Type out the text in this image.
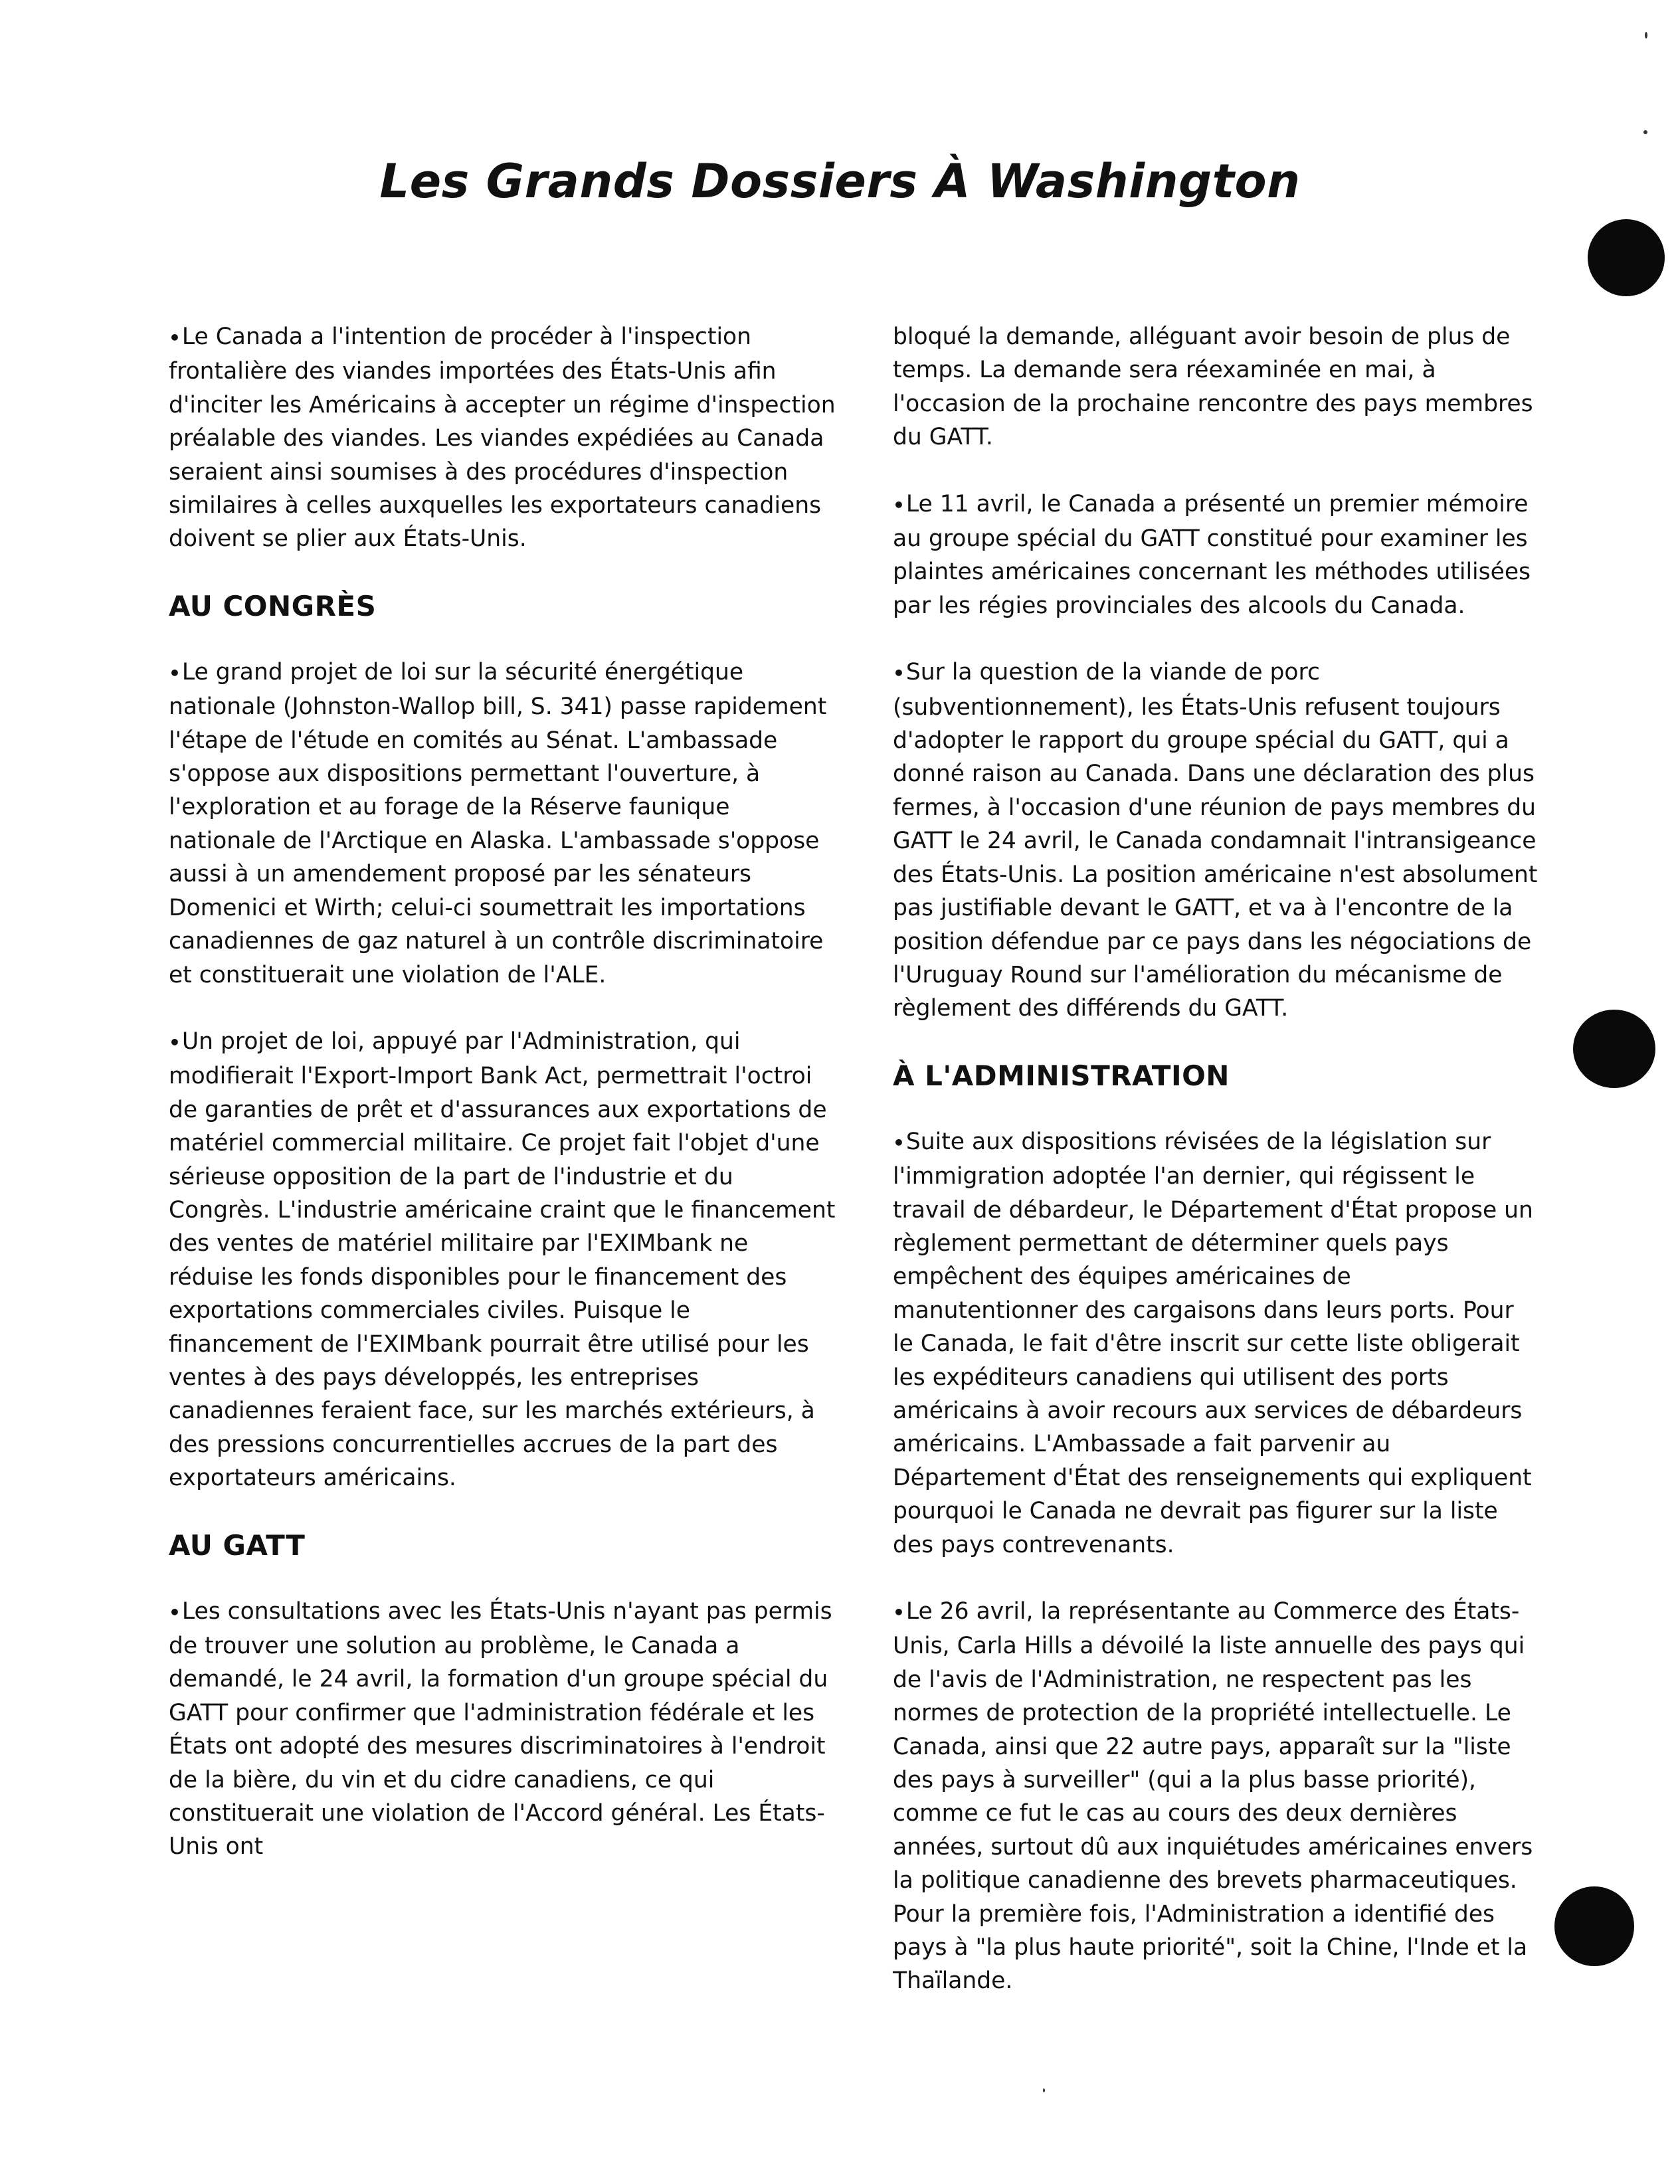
Les Grands Dossiers À Washington

•Le Canada a l'intention de procéder à l'inspection frontalière des viandes importées des États-Unis afin d'inciter les Américains à accepter un régime d'inspection préalable des viandes. Les viandes expédiées au Canada seraient ainsi soumises à des procédures d'inspection similaires à celles auxquelles les exportateurs canadiens doivent se plier aux États-Unis.

AU CONGRÈS

•Le grand projet de loi sur la sécurité énergétique nationale (Johnston-Wallop bill, S. 341) passe rapidement l'étape de l'étude en comités au Sénat. L'ambassade s'oppose aux dispositions permettant l'ouverture, à l'exploration et au forage de la Réserve faunique nationale de l'Arctique en Alaska. L'ambassade s'oppose aussi à un amendement proposé par les sénateurs Domenici et Wirth; celui-ci soumettrait les importations canadiennes de gaz naturel à un contrôle discriminatoire et constituerait une violation de l'ALE.

•Un projet de loi, appuyé par l'Administration, qui modifierait l'Export-Import Bank Act, permettrait l'octroi de garanties de prêt et d'assurances aux exportations de matériel commercial militaire. Ce projet fait l'objet d'une sérieuse opposition de la part de l'industrie et du Congrès. L'industrie américaine craint que le financement des ventes de matériel militaire par l'EXIMbank ne réduise les fonds disponibles pour le financement des exportations commerciales civiles. Puisque le financement de l'EXIMbank pourrait être utilisé pour les ventes à des pays développés, les entreprises canadiennes feraient face, sur les marchés extérieurs, à des pressions concurrentielles accrues de la part des exportateurs américains.

AU GATT

•Les consultations avec les États-Unis n'ayant pas permis de trouver une solution au problème, le Canada a demandé, le 24 avril, la formation d'un groupe spécial du GATT pour confirmer que l'administration fédérale et les États ont adopté des mesures discriminatoires à l'endroit de la bière, du vin et du cidre canadiens, ce qui constituerait une violation de l'Accord général. Les États-Unis ont

bloqué la demande, alléguant avoir besoin de plus de temps. La demande sera réexaminée en mai, à l'occasion de la prochaine rencontre des pays membres du GATT.

•Le 11 avril, le Canada a présenté un premier mémoire au groupe spécial du GATT constitué pour examiner les plaintes américaines concernant les méthodes utilisées par les régies provinciales des alcools du Canada.

•Sur la question de la viande de porc (subventionnement), les États-Unis refusent toujours d'adopter le rapport du groupe spécial du GATT, qui a donné raison au Canada. Dans une déclaration des plus fermes, à l'occasion d'une réunion de pays membres du GATT le 24 avril, le Canada condamnait l'intransigeance des États-Unis. La position américaine n'est absolument pas justifiable devant le GATT, et va à l'encontre de la position défendue par ce pays dans les négociations de l'Uruguay Round sur l'amélioration du mécanisme de règlement des différends du GATT.

À L'ADMINISTRATION

•Suite aux dispositions révisées de la législation sur l'immigration adoptée l'an dernier, qui régissent le travail de débardeur, le Département d'État propose un règlement permettant de déterminer quels pays empêchent des équipes américaines de manutentionner des cargaisons dans leurs ports. Pour le Canada, le fait d'être inscrit sur cette liste obligerait les expéditeurs canadiens qui utilisent des ports américains à avoir recours aux services de débardeurs américains. L'Ambassade a fait parvenir au Département d'État des renseignements qui expliquent pourquoi le Canada ne devrait pas figurer sur la liste des pays contrevenants.

•Le 26 avril, la représentante au Commerce des États-Unis, Carla Hills a dévoilé la liste annuelle des pays qui de l'avis de l'Administration, ne respectent pas les normes de protection de la propriété intellectuelle. Le Canada, ainsi que 22 autre pays, apparaît sur la "liste des pays à surveiller" (qui a la plus basse priorité), comme ce fut le cas au cours des deux dernières années, surtout dû aux inquiétudes américaines envers la politique canadienne des brevets pharmaceutiques. Pour la première fois, l'Administration a identifié des pays à "la plus haute priorité", soit la Chine, l'Inde et la Thaïlande.
